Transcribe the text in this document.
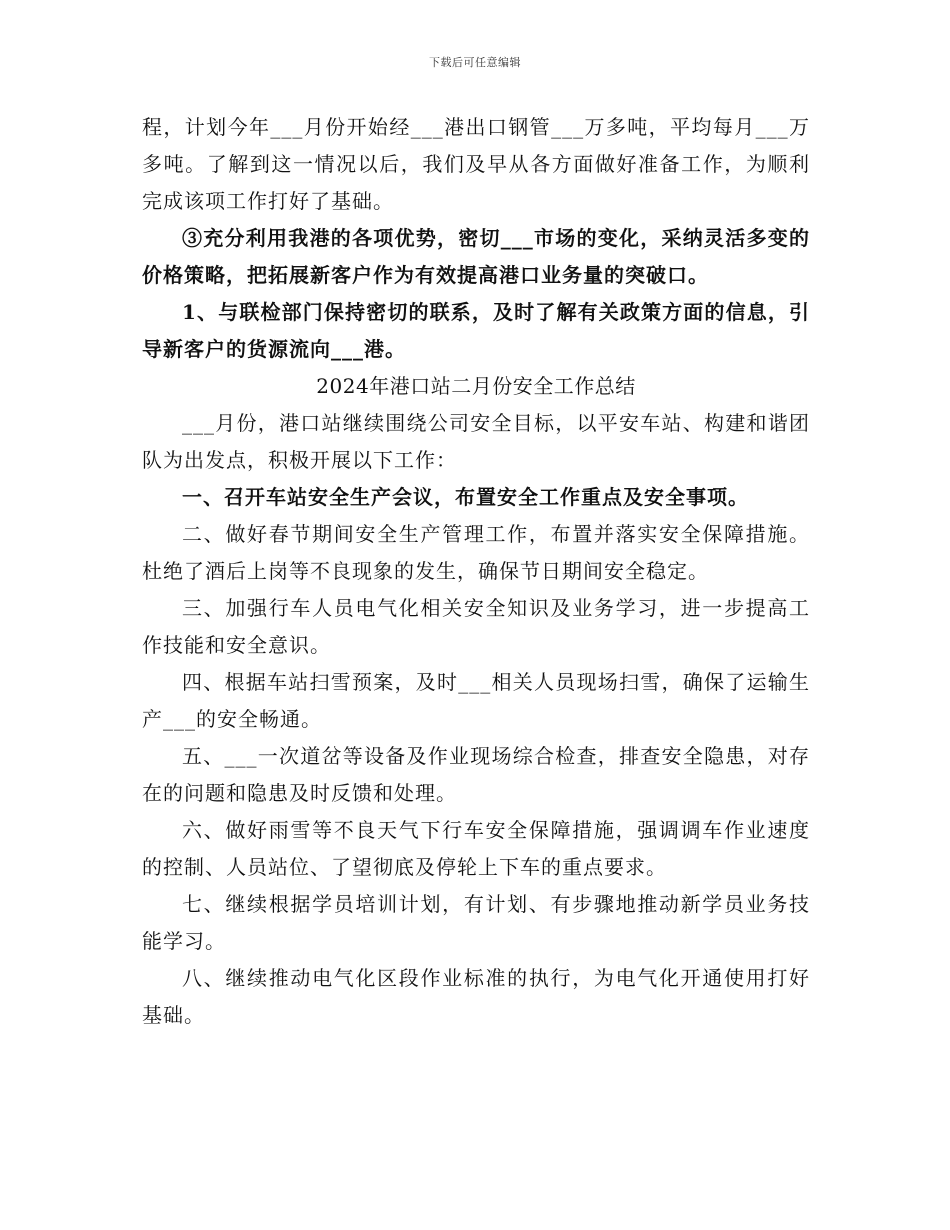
下载后可任意编辑

程，计划今年___月份开始经___港出口钢管___万多吨，平均每月___万多吨。了解到这一情况以后，我们及早从各方面做好准备工作，为顺利完成该项工作打好了基础。

③充分利用我港的各项优势，密切___市场的变化，采纳灵活多变的价格策略，把拓展新客户作为有效提高港口业务量的突破口。

1、与联检部门保持密切的联系，及时了解有关政策方面的信息，引导新客户的货源流向___港。

2024年港口站二月份安全工作总结

___月份，港口站继续围绕公司安全目标，以平安车站、构建和谐团队为出发点，积极开展以下工作：

一、召开车站安全生产会议，布置安全工作重点及安全事项。

二、做好春节期间安全生产管理工作，布置并落实安全保障措施。杜绝了酒后上岗等不良现象的发生，确保节日期间安全稳定。

三、加强行车人员电气化相关安全知识及业务学习，进一步提高工作技能和安全意识。

四、根据车站扫雪预案，及时___相关人员现场扫雪，确保了运输生产___的安全畅通。

五、___一次道岔等设备及作业现场综合检查，排查安全隐患，对存在的问题和隐患及时反馈和处理。

六、做好雨雪等不良天气下行车安全保障措施，强调调车作业速度的控制、人员站位、了望彻底及停轮上下车的重点要求。

七、继续根据学员培训计划，有计划、有步骤地推动新学员业务技能学习。

八、继续推动电气化区段作业标准的执行，为电气化开通使用打好基础。
